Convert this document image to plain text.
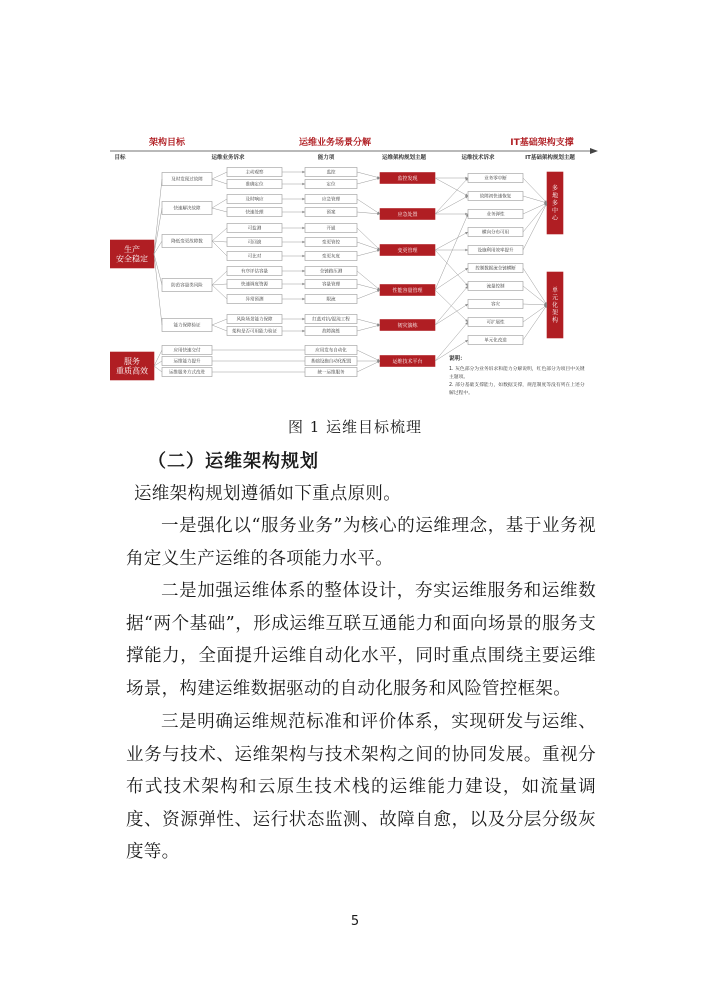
架构目标	运维业务场景分解	IT基础架构支撑
目标	运维业务诉求	能力项	运维架构规划主题	运维技术诉求	IT基础架构规划主题
生产安全稳定
服务重质高效
及时发现过故障
快速解决故障
降低变更故障数
防范容量类风险
能力保障验证
应用快速交付
运维能力提升
运维服务方式改进
主动观察
准确定位
及时响应
快速处理
可监测
可回滚
可比对
有序评估容量
快速调度资源
异常预测
风险场景能力保障
架构是否可用能力验证
监控
定位
应急管理
预案
开通
变更管控
变更灰度
全链路压测
容量管理
限流
红蓝对抗/混沌工程
故障演练
应用发布自动化
基础设施自动化配置
统一运维服务
监控发现
应急处置
变更管理
性能容量管理
韧灾演练
运维技术平台
业务零中断
故障初快速恢复
业务弹性
横向分布可用
设施利用效率提升
控制数据流全链横断
流量控制
容灾
可扩展性
单元化改造
多地多中心
单元化架构
说明：
1. 灰色部分为业务诉求和能力分解说明，红色部分为项目中关键
主题项。
2. 部分基础支撑能力，如数据支撑，规范制度等没有列在上述分
解过程中。
图 1 运维目标梳理
（二）运维架构规划
运维架构规划遵循如下重点原则。
一是强化以“服务业务”为核心的运维理念，基于业务视角定义生产运维的各项能力水平。
二是加强运维体系的整体设计，夯实运维服务和运维数据“两个基础”，形成运维互联互通能力和面向场景的服务支撑能力，全面提升运维自动化水平，同时重点围绕主要运维场景，构建运维数据驱动的自动化服务和风险管控框架。
三是明确运维规范标准和评价体系，实现研发与运维、业务与技术、运维架构与技术架构之间的协同发展。重视分布式技术架构和云原生技术栈的运维能力建设，如流量调度、资源弹性、运行状态监测、故障自愈，以及分层分级灰度等。
5
